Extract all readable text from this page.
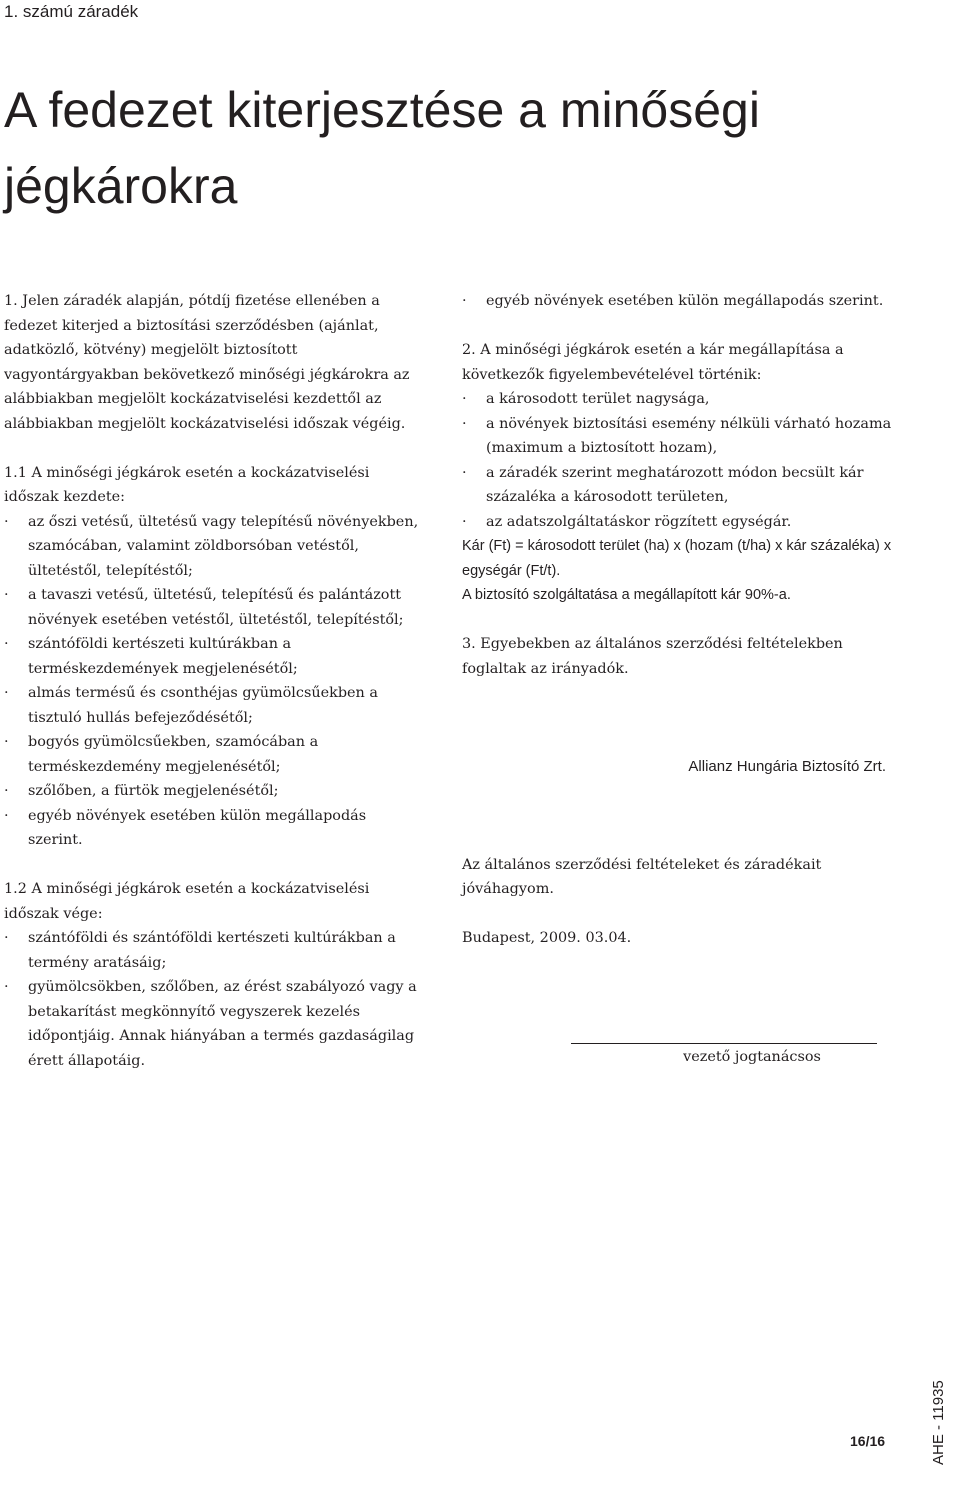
1. számú záradék
A fedezet kiterjesztése a minőségi
jégkárokra

1. Jelen záradék alapján, pótdíj fizetése ellenében a fedezet kiterjed a biztosítási szerződésben (ajánlat, adatközlő, kötvény) megjelölt biztosított vagyontárgyakban bekövetkező minőségi jégkárokra az alábbiakban megjelölt kockázatviselési kezdettől az alábbiakban megjelölt kockázatviselési időszak végéig.

1.1 A minőségi jégkárok esetén a kockázatviselési időszak kezdete:

· az őszi vetésű, ültetésű vagy telepítésű növényekben, szamócában, valamint zöldborsóban vetéstől, ültetéstől, telepítéstől;

· a tavaszi vetésű, ültetésű, telepítésű és palántázott növények esetében vetéstől, ültetéstől, telepítéstől;

· szántóföldi kertészeti kultúrákban a terméskezdemények megjelenésétől;

· almás termésű és csonthéjas gyümölcsűekben a tisztuló hullás befejeződésétől;

· bogyós gyümölcsűekben, szamócában a terméskezdemény megjelenésétől;

· szőlőben, a fürtök megjelenésétől;

· egyéb növények esetében külön megállapodás szerint.

1.2 A minőségi jégkárok esetén a kockázatviselési időszak vége:

· szántóföldi és szántóföldi kertészeti kultúrákban a termény aratásáig;

· gyümölcsökben, szőlőben, az érést szabályozó vagy a betakarítást megkönnyítő vegyszerek kezelés időpontjáig. Annak hiányában a termés gazdaságilag érett állapotáig.

· egyéb növények esetében külön megállapodás szerint.

2. A minőségi jégkárok esetén a kár megállapítása a következők figyelembevételével történik:

· a károsodott terület nagysága,

· a növények biztosítási esemény nélküli várható hozama (maximum a biztosított hozam),

· a záradék szerint meghatározott módon becsült kár százaléka a károsodott területen,

· az adatszolgáltatáskor rögzített egységár.

Kár (Ft) = károsodott terület (ha) x (hozam (t/ha) x kár százaléka) x egységár (Ft/t).

A biztosító szolgáltatása a megállapított kár 90%-a.

3. Egyebekben az általános szerződési feltételekben foglaltak az irányadók.

Allianz Hungária Biztosító Zrt.

Az általános szerződési feltételeket és záradékait jóváhagyom.

Budapest, 2009. 03.04.

vezető jogtanácsos
AHE - 11935
16/16
